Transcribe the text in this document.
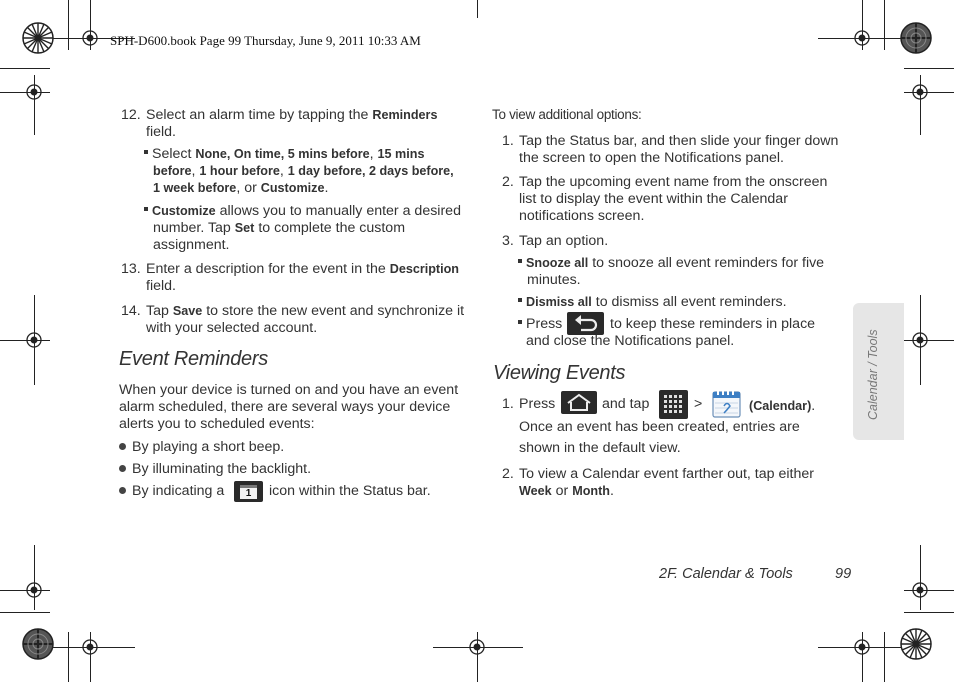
SPH-D600.book Page 99 Thursday, June 9, 2011 10:33 AM
12. Select an alarm time by tapping the Reminders
field.
Select None, On time, 5 mins before, 15 mins
before, 1 hour before, 1 day before, 2 days before,
1 week before, or Customize.
Customize allows you to manually enter a desired
number. Tap Set to complete the custom
assignment.
13. Enter a description for the event in the Description
field.
14. Tap Save to store the new event and synchronize it
with your selected account.
Event Reminders
When your device is turned on and you have an event
alarm scheduled, there are several ways your device
alerts you to scheduled events:
By playing a short beep.
By illuminating the backlight.
By indicating a	1	icon within the Status bar.
To view additional options:
1. Tap the Status bar, and then slide your finger down
the screen to open the Notifications panel.
2. Tap the upcoming event name from the onscreen
list to display the event within the Calendar
notifications screen.
3. Tap an option.
Snooze all to snooze all event reminders for five
minutes.
Dismiss all to dismiss all event reminders.
Press	to keep these reminders in place
and close the Notifications panel.
Viewing Events
1. Press	and tap	>	(Calendar).
Once an event has been created, entries are
shown in the default view.
2. To view a Calendar event farther out, tap either
Week or Month.
Calendar / Tools
2F. Calendar & Tools	99
